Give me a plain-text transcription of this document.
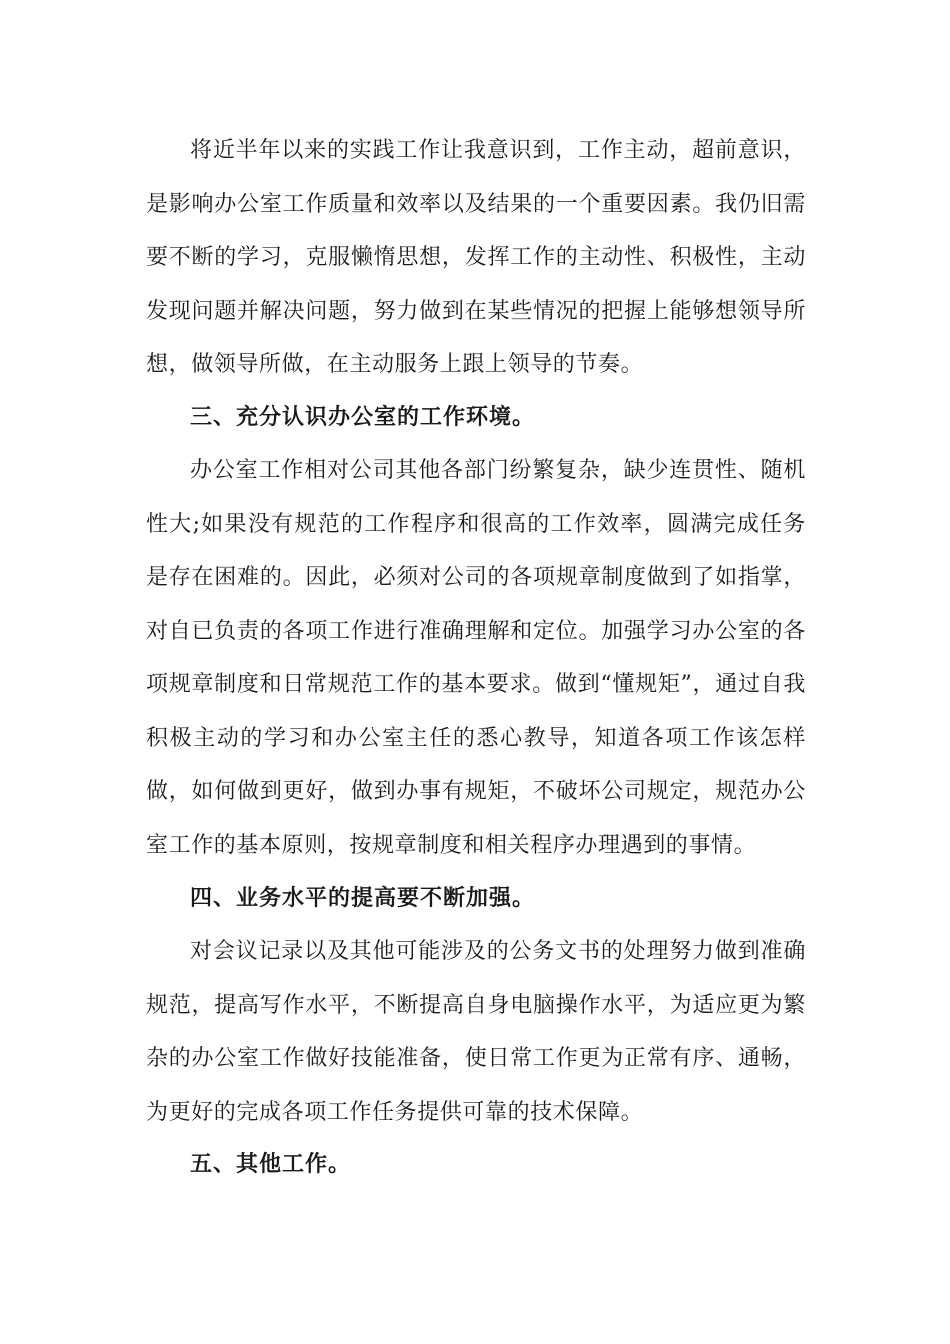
将近半年以来的实践工作让我意识到，工作主动，超前意识，是影响办公室工作质量和效率以及结果的一个重要因素。我仍旧需要不断的学习，克服懒惰思想，发挥工作的主动性、积极性，主动发现问题并解决问题，努力做到在某些情况的把握上能够想领导所想，做领导所做，在主动服务上跟上领导的节奏。

三、充分认识办公室的工作环境。

办公室工作相对公司其他各部门纷繁复杂，缺少连贯性、随机性大;如果没有规范的工作程序和很高的工作效率，圆满完成任务是存在困难的。因此，必须对公司的各项规章制度做到了如指掌，对自已负责的各项工作进行准确理解和定位。加强学习办公室的各项规章制度和日常规范工作的基本要求。做到“懂规矩”，通过自我积极主动的学习和办公室主任的悉心教导，知道各项工作该怎样做，如何做到更好，做到办事有规矩，不破坏公司规定，规范办公室工作的基本原则，按规章制度和相关程序办理遇到的事情。

四、业务水平的提高要不断加强。

对会议记录以及其他可能涉及的公务文书的处理努力做到准确规范，提高写作水平，不断提高自身电脑操作水平，为适应更为繁杂的办公室工作做好技能准备，使日常工作更为正常有序、通畅，为更好的完成各项工作任务提供可靠的技术保障。

五、其他工作。
